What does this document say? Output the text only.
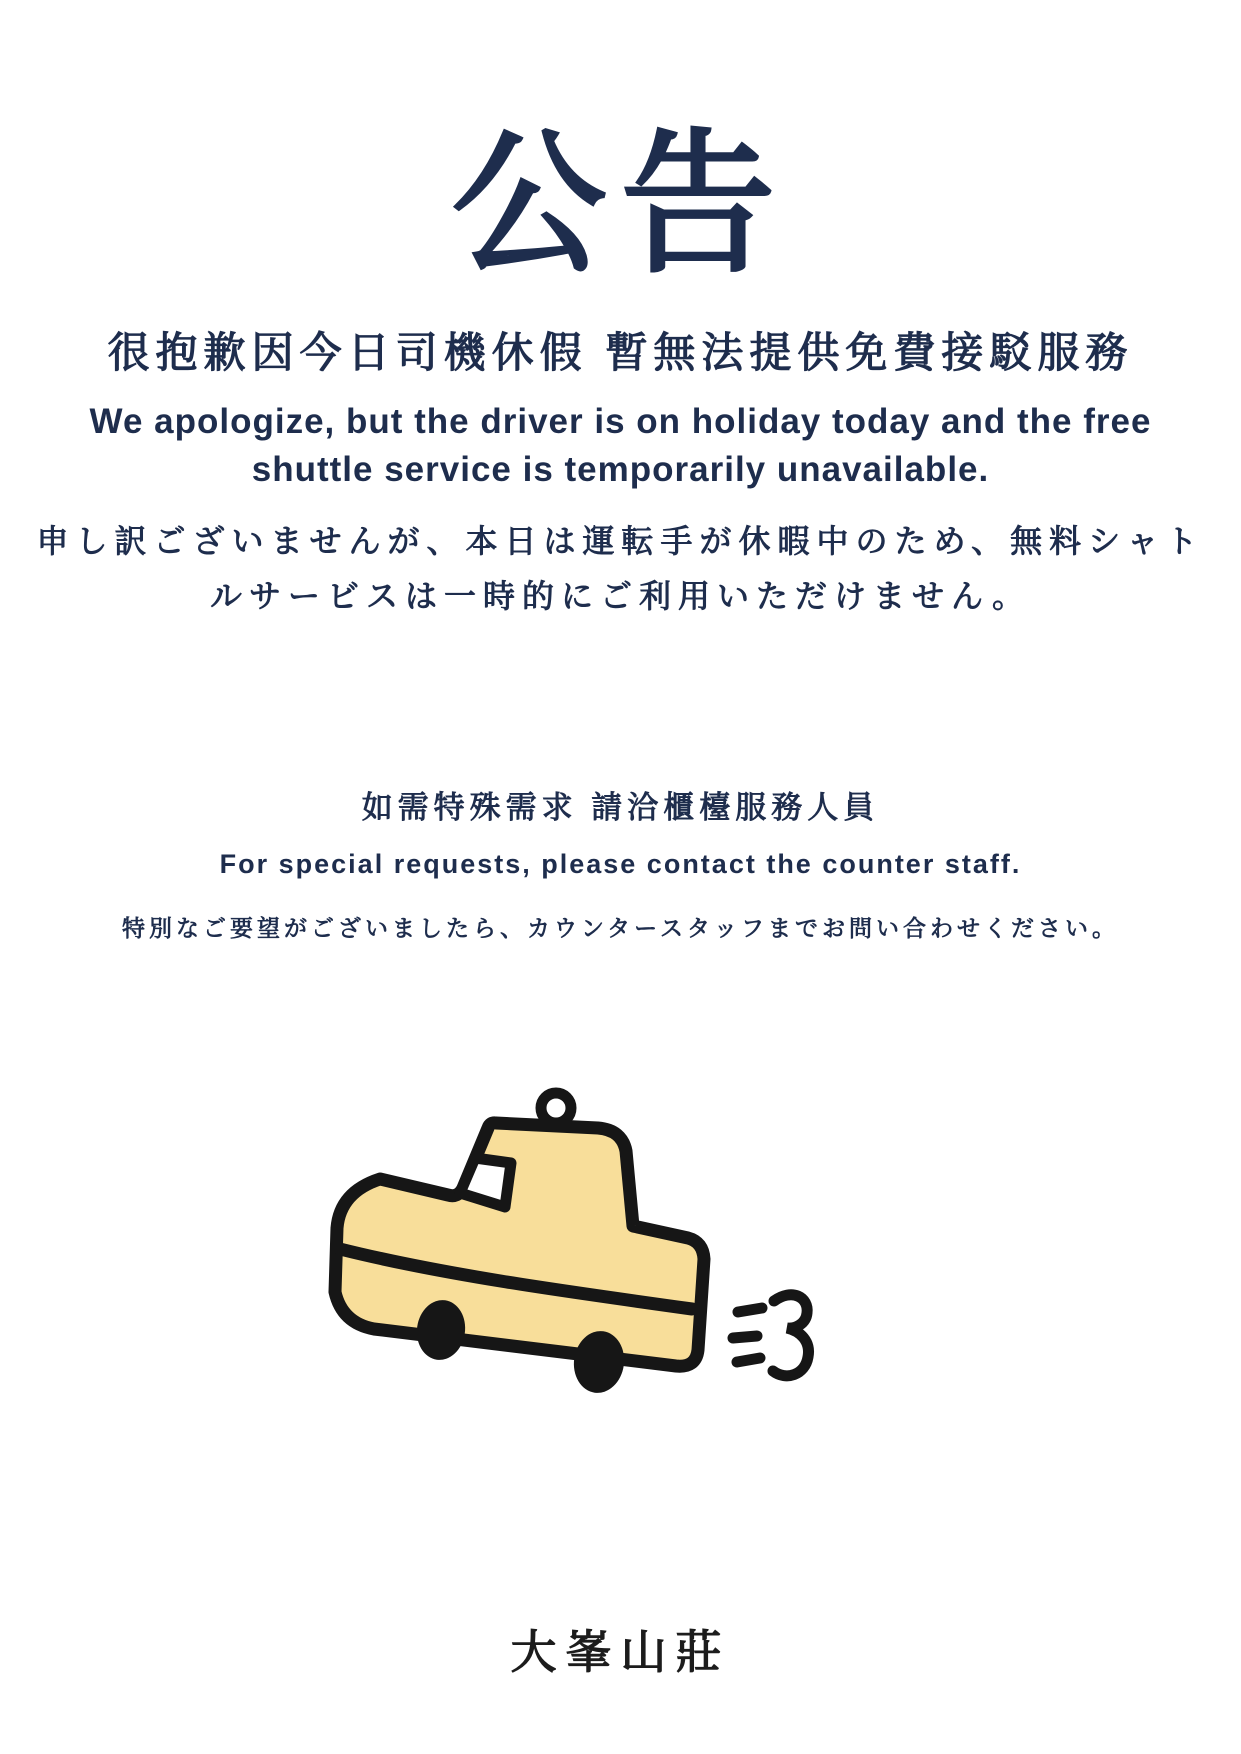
公告
很抱歉因今日司機休假 暫無法提供免費接駁服務
We apologize, but the driver is on holiday today and the free shuttle service is temporarily unavailable.
申し訳ございませんが、本日は運転手が休暇中のため、無料シャトルサービスは一時的にご利用いただけません。
如需特殊需求 請洽櫃檯服務人員
For special requests, please contact the counter staff.
特別なご要望がございましたら、カウンタースタッフまでお問い合わせください。
大峯山莊
